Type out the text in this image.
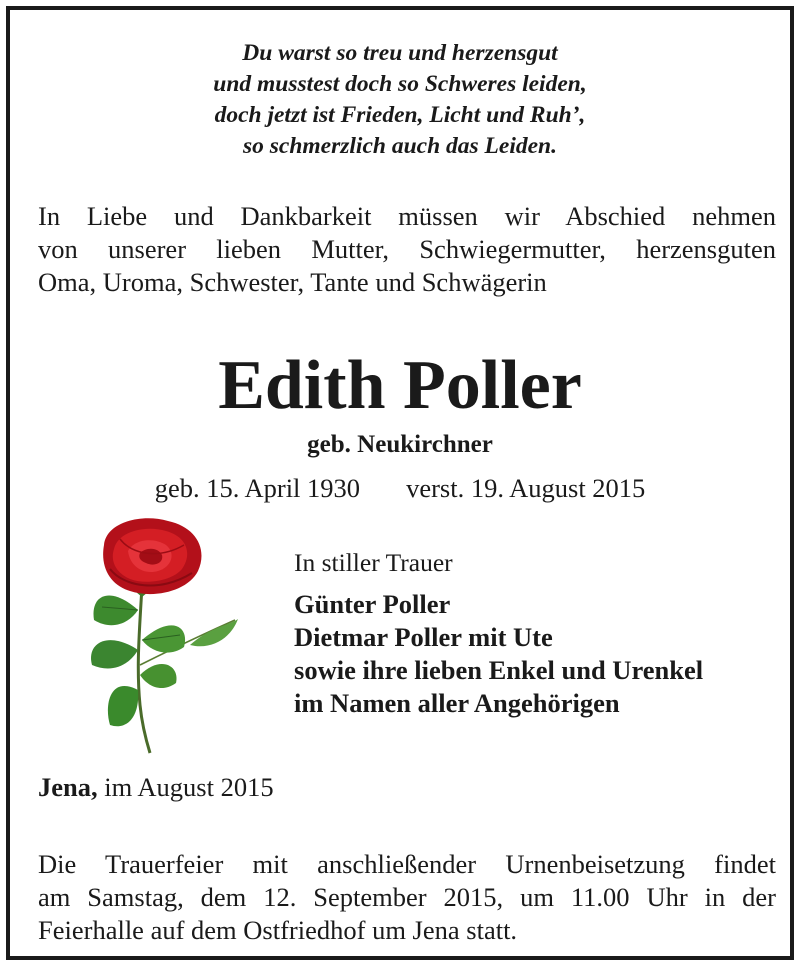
Du warst so treu und herzensgut
und musstest doch so Schweres leiden,
doch jetzt ist Frieden, Licht und Ruh’,
so schmerzlich auch das Leiden.
In Liebe und Dankbarkeit müssen wir Abschied nehmen
von unserer lieben Mutter, Schwiegermutter, herzensguten
Oma, Uroma, Schwester, Tante und Schwägerin
Edith Poller
geb. Neukirchner
geb. 15. April 1930 verst. 19. August 2015
In stiller Trauer
Günter Poller
Dietmar Poller mit Ute
sowie ihre lieben Enkel und Urenkel
im Namen aller Angehörigen
Jena, im August 2015
Die Trauerfeier mit anschließender Urnenbeisetzung findet
am Samstag, dem 12. September 2015, um 11.00 Uhr in der
Feierhalle auf dem Ostfriedhof um Jena statt.
